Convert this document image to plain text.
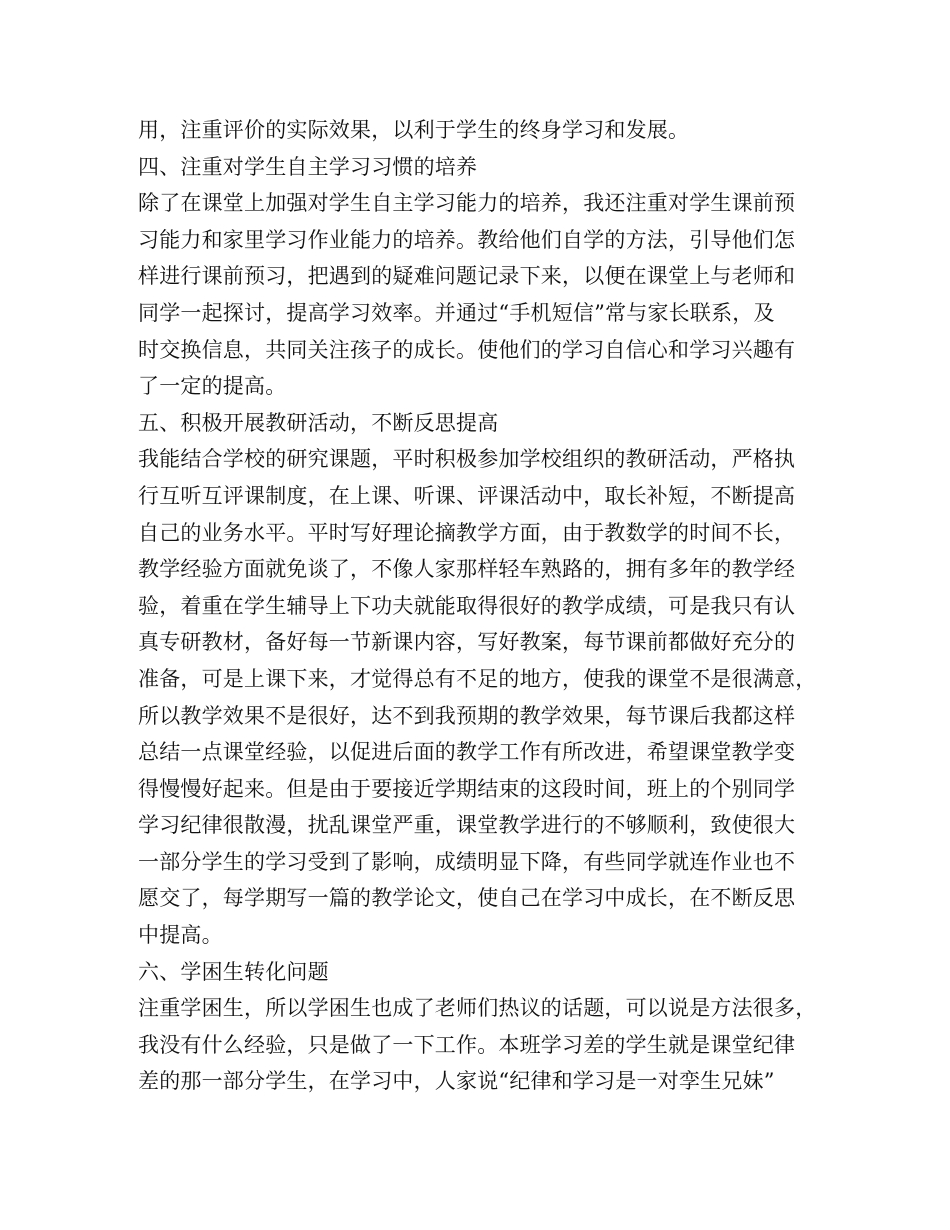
用，注重评价的实际效果，以利于学生的终身学习和发展。
四、注重对学生自主学习习惯的培养
除了在课堂上加强对学生自主学习能力的培养，我还注重对学生课前预
习能力和家里学习作业能力的培养。教给他们自学的方法，引导他们怎
样进行课前预习，把遇到的疑难问题记录下来，以便在课堂上与老师和
同学一起探讨，提高学习效率。并通过“手机短信”常与家长联系，及
时交换信息，共同关注孩子的成长。使他们的学习自信心和学习兴趣有
了一定的提高。
五、积极开展教研活动，不断反思提高
我能结合学校的研究课题，平时积极参加学校组织的教研活动，严格执
行互听互评课制度，在上课、听课、评课活动中，取长补短，不断提高
自己的业务水平。平时写好理论摘教学方面，由于教数学的时间不长，
教学经验方面就免谈了，不像人家那样轻车熟路的，拥有多年的教学经
验，着重在学生辅导上下功夫就能取得很好的教学成绩，可是我只有认
真专研教材，备好每一节新课内容，写好教案，每节课前都做好充分的
准备，可是上课下来，才觉得总有不足的地方，使我的课堂不是很满意，
所以教学效果不是很好，达不到我预期的教学效果，每节课后我都这样
总结一点课堂经验，以促进后面的教学工作有所改进，希望课堂教学变
得慢慢好起来。但是由于要接近学期结束的这段时间，班上的个别同学
学习纪律很散漫，扰乱课堂严重，课堂教学进行的不够顺利，致使很大
一部分学生的学习受到了影响，成绩明显下降，有些同学就连作业也不
愿交了，每学期写一篇的教学论文，使自己在学习中成长，在不断反思
中提高。
六、学困生转化问题
注重学困生，所以学困生也成了老师们热议的话题，可以说是方法很多，
我没有什么经验，只是做了一下工作。本班学习差的学生就是课堂纪律
差的那一部分学生，在学习中，人家说“纪律和学习是一对孪生兄妹”
